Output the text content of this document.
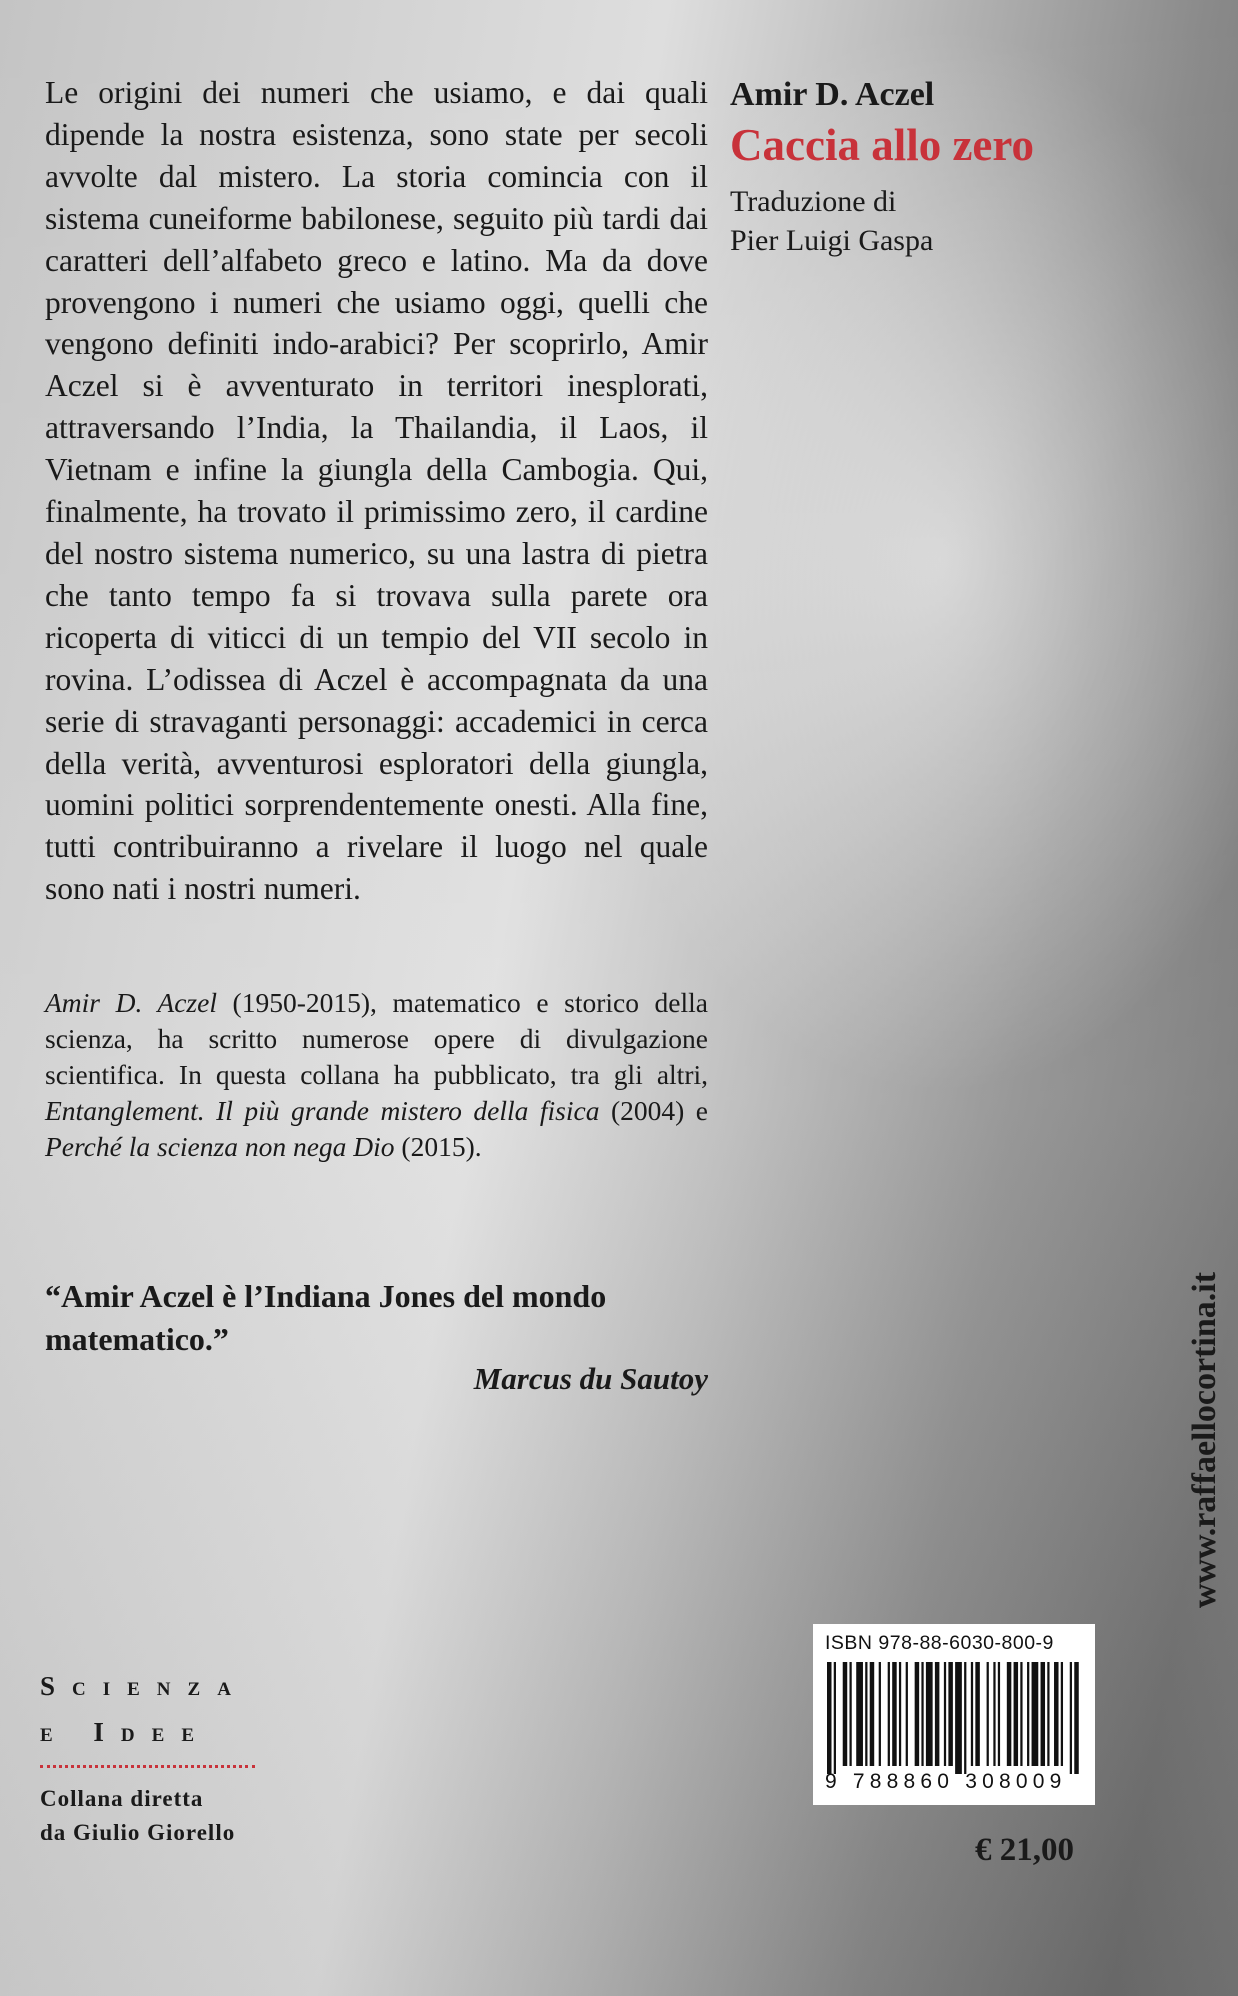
Le origini dei numeri che usiamo, e dai quali dipende la nostra esistenza, sono state per secoli avvolte dal mistero. La storia comincia con il sistema cuneiforme babilonese, seguito più tardi dai caratteri dell’alfabeto greco e latino. Ma da dove provengono i numeri che usiamo oggi, quelli che vengono definiti indo-arabici? Per scoprirlo, Amir Aczel si è avventurato in territori inesplorati, attraversando l’India, la Thailandia, il Laos, il Vietnam e infine la giungla della Cambogia. Qui, finalmente, ha trovato il primissimo zero, il cardine del nostro sistema numerico, su una lastra di pietra che tanto tempo fa si trovava sulla parete ora ricoperta di viticci di un tempio del VII secolo in rovina. L’odissea di Aczel è accompagnata da una serie di stravaganti personaggi: accademici in cerca della verità, avventurosi esploratori della giungla, uomini politici sorprendentemente onesti. Alla fine, tutti contribuiranno a rivelare il luogo nel quale sono nati i nostri numeri.

Amir D. Aczel (1950-2015), matematico e storico della scienza, ha scritto numerose opere di divulgazione scientifica. In questa collana ha pubblicato, tra gli altri, Entanglement. Il più grande mistero della fisica (2004) e Perché la scienza non nega Dio (2015).

“Amir Aczel è l’Indiana Jones del mondo matematico.”

Marcus du Sautoy

Amir D. Aczel

Caccia allo zero

Traduzione di
Pier Luigi Gaspa

Scienza

e Idee

Collana diretta
da Giulio Giorello

ISBN 978-88-6030-800-9
9 788860 308009
€ 21,00
www.raffaellocortina.it
